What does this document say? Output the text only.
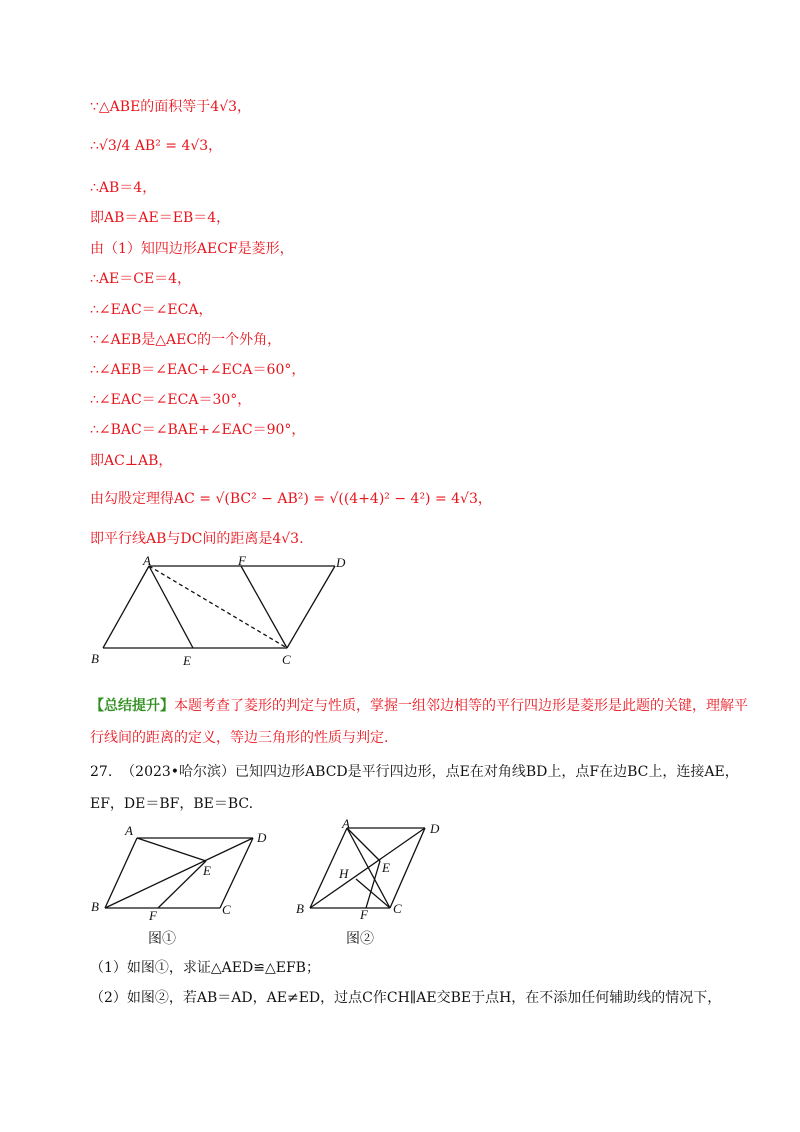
∵△ABE的面积等于4√3，
∴√3/4 AB² = 4√3，
∴AB＝4，
即AB＝AE＝EB＝4，
由（1）知四边形AECF是菱形，
∴AE＝CE＝4，
∴∠EAC＝∠ECA，
∵∠AEB是△AEC的一个外角，
∴∠AEB＝∠EAC+∠ECA＝60°，
∴∠EAC＝∠ECA＝30°，
∴∠BAC＝∠BAE+∠EAC＝90°，
即AC⊥AB，
由勾股定理得AC = √(BC² − AB²) = √((4+4)² − 4²) = 4√3，
即平行线AB与DC间的距离是4√3.
A	F	D
B	E	C
【总结提升】本题考查了菱形的判定与性质，掌握一组邻边相等的平行四边形是菱形是此题的关键，理解平行线间的距离的定义，等边三角形的性质与判定.
27. （2023•哈尔滨）已知四边形ABCD是平行四边形，点E在对角线BD上，点F在边BC上，连接AE，EF，DE＝BF，BE＝BC.
A	D
E
B
F	C
A	D
H	E
B	F C
图①	图②
（1）如图①，求证△AED≌△EFB；
（2）如图②，若AB＝AD，AE≠ED，过点C作CH∥AE交BE于点H，在不添加任何辅助线的情况下，
